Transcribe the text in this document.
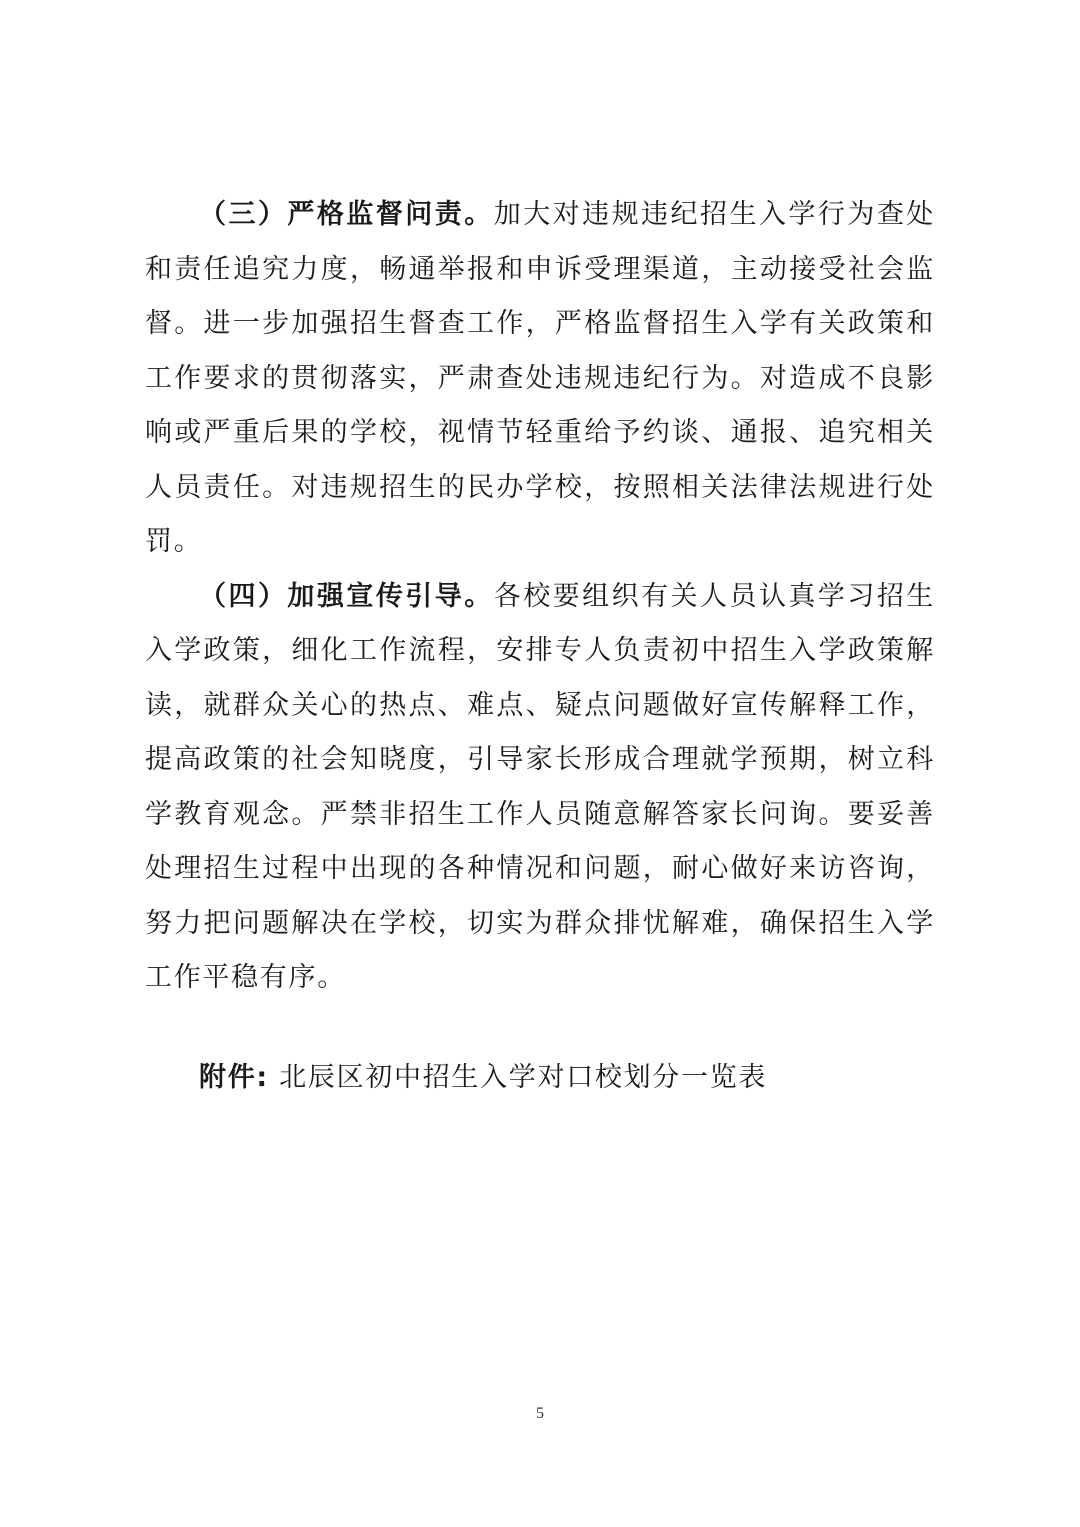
（三）严格监督问责。加大对违规违纪招生入学行为查处和责任追究力度，畅通举报和申诉受理渠道，主动接受社会监督。进一步加强招生督查工作，严格监督招生入学有关政策和工作要求的贯彻落实，严肃查处违规违纪行为。对造成不良影响或严重后果的学校，视情节轻重给予约谈、通报、追究相关人员责任。对违规招生的民办学校，按照相关法律法规进行处罚。

（四）加强宣传引导。各校要组织有关人员认真学习招生入学政策，细化工作流程，安排专人负责初中招生入学政策解读，就群众关心的热点、难点、疑点问题做好宣传解释工作，提高政策的社会知晓度，引导家长形成合理就学预期，树立科学教育观念。严禁非招生工作人员随意解答家长问询。要妥善处理招生过程中出现的各种情况和问题，耐心做好来访咨询，努力把问题解决在学校，切实为群众排忧解难，确保招生入学工作平稳有序。

附件: 北辰区初中招生入学对口校划分一览表

5
